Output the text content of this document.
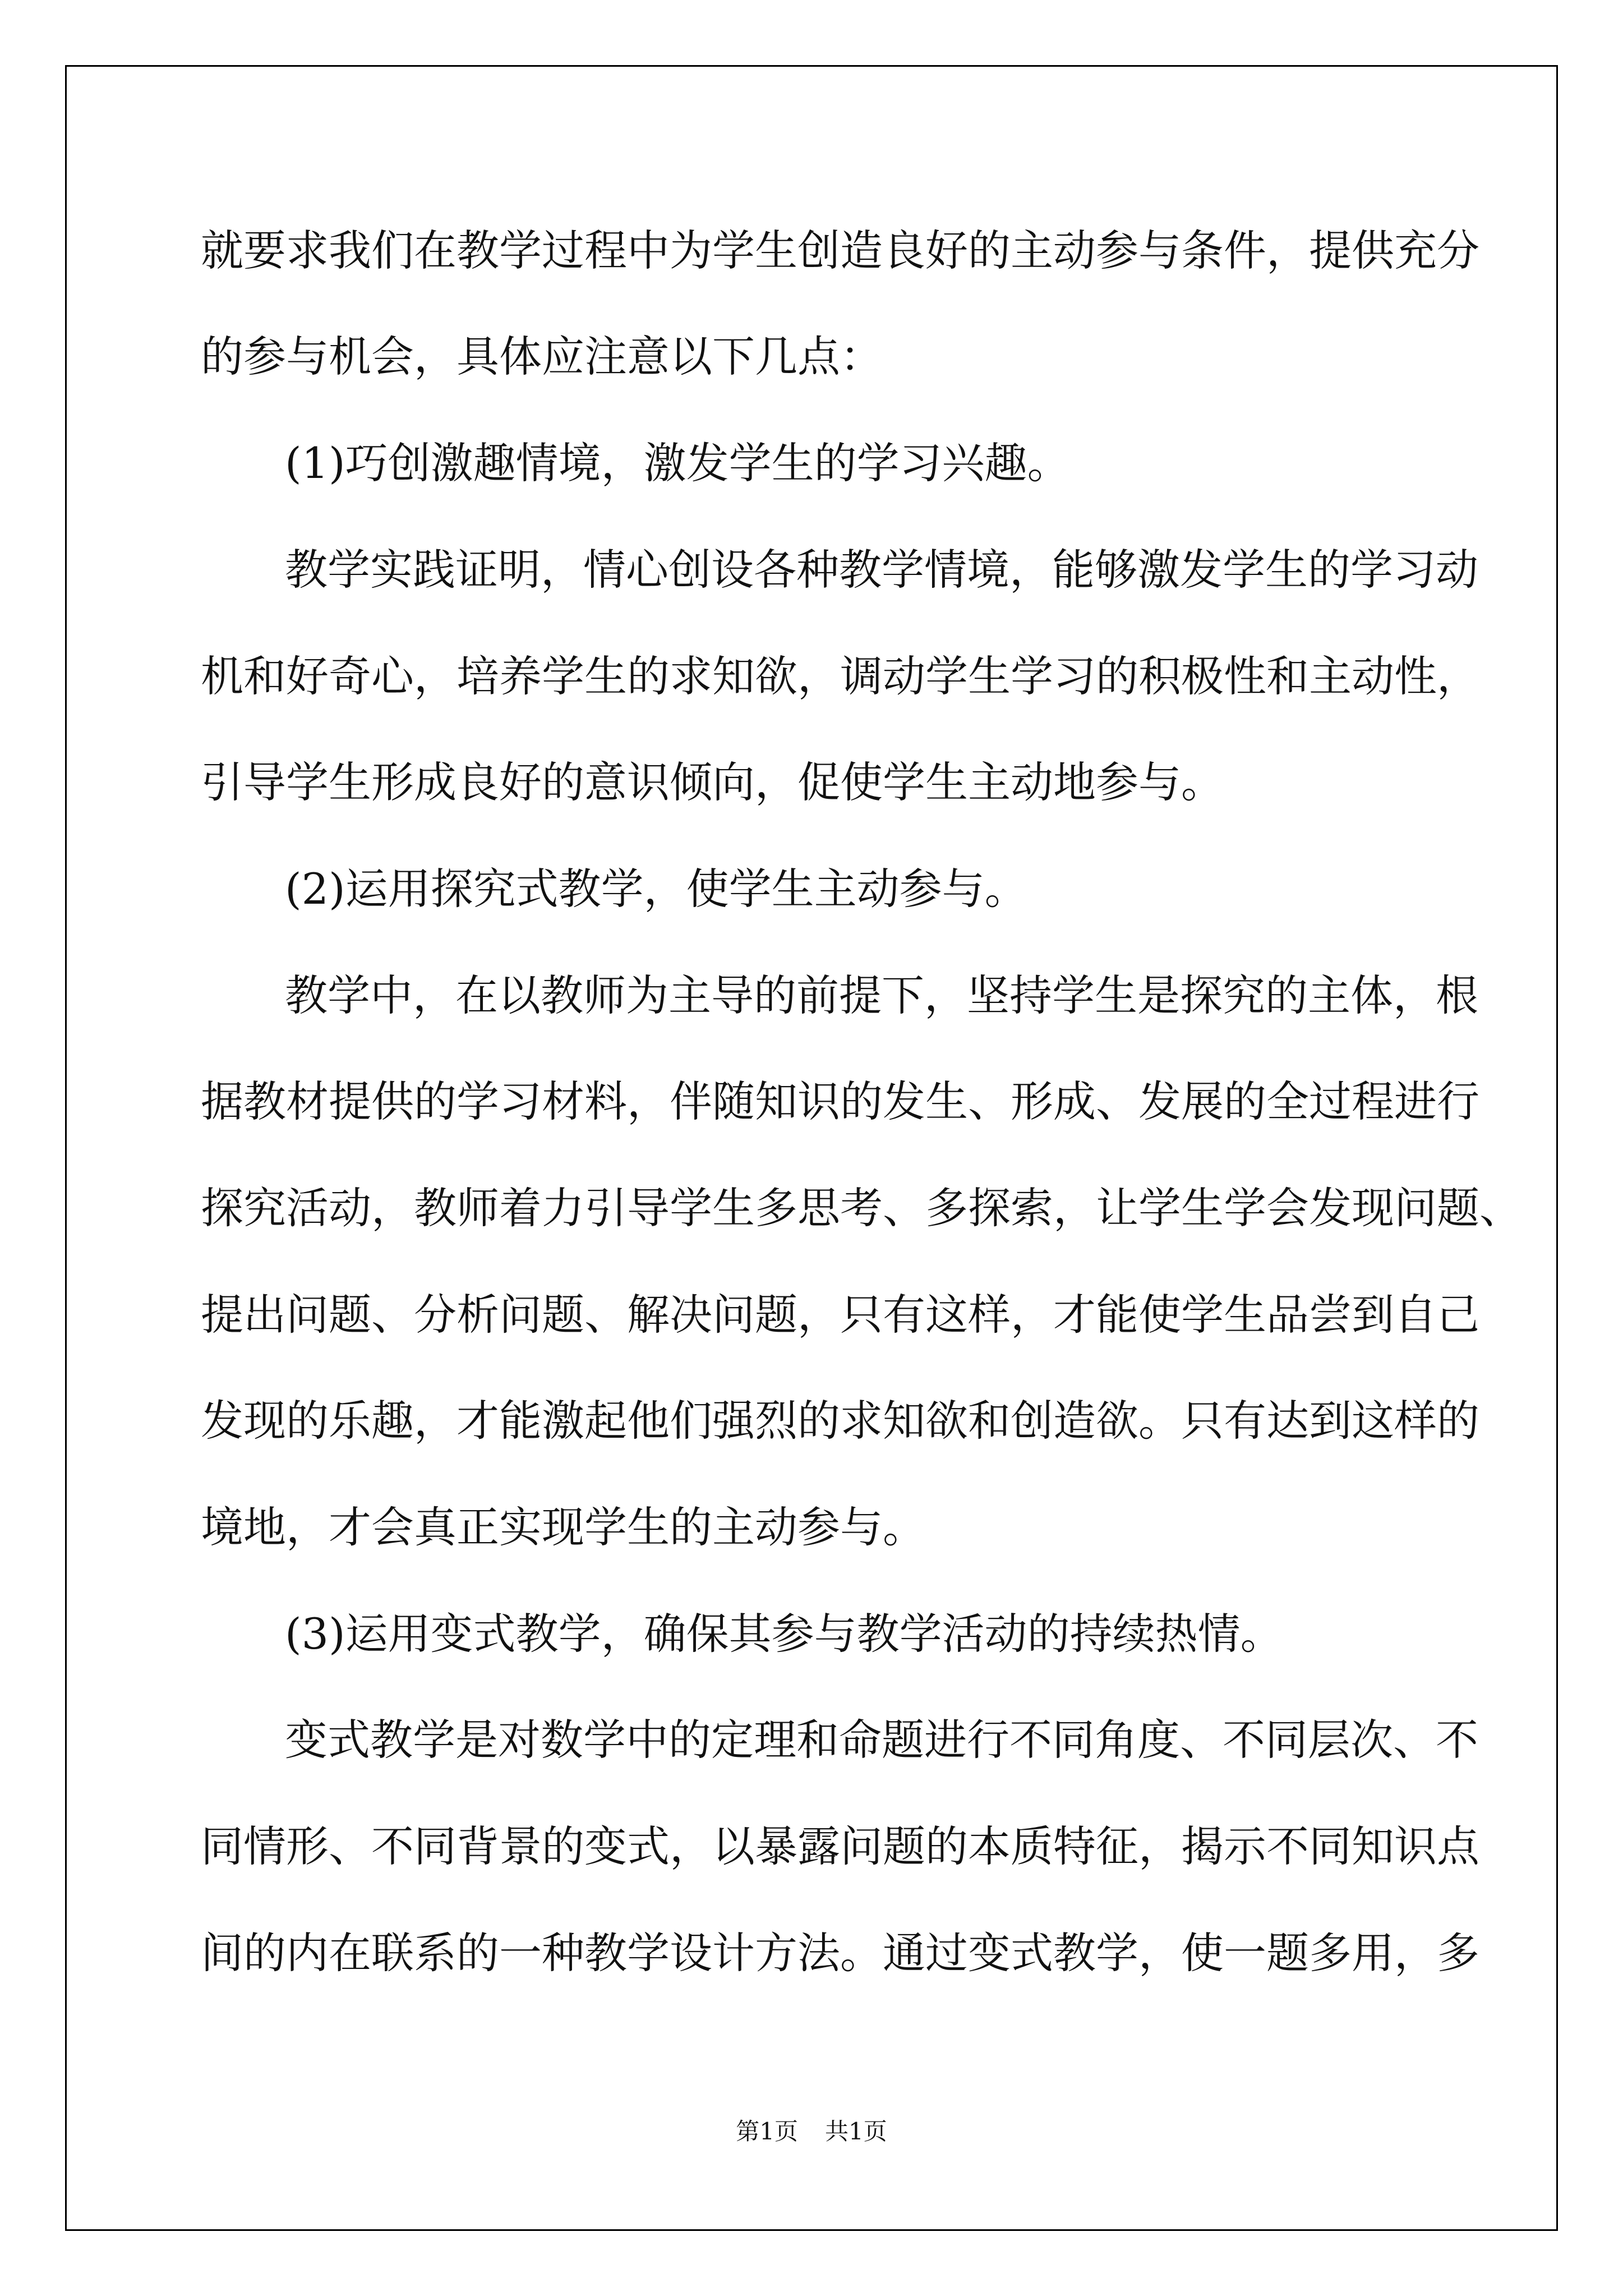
就要求我们在教学过程中为学生创造良好的主动参与条件，提供充分
的参与机会，具体应注意以下几点：
(1)巧创激趣情境，激发学生的学习兴趣。
教学实践证明，情心创设各种教学情境，能够激发学生的学习动
机和好奇心，培养学生的求知欲，调动学生学习的积极性和主动性，
引导学生形成良好的意识倾向，促使学生主动地参与。
(2)运用探究式教学，使学生主动参与。
教学中，在以教师为主导的前提下，坚持学生是探究的主体，根
据教材提供的学习材料，伴随知识的发生、形成、发展的全过程进行
探究活动，教师着力引导学生多思考、多探索，让学生学会发现问题、
提出问题、分析问题、解决问题，只有这样，才能使学生品尝到自己
发现的乐趣，才能激起他们强烈的求知欲和创造欲。只有达到这样的
境地，才会真正实现学生的主动参与。
(3)运用变式教学，确保其参与教学活动的持续热情。
变式教学是对数学中的定理和命题进行不同角度、不同层次、不
同情形、不同背景的变式，以暴露问题的本质特征，揭示不同知识点
间的内在联系的一种教学设计方法。通过变式教学，使一题多用，多
第1页 共1页
